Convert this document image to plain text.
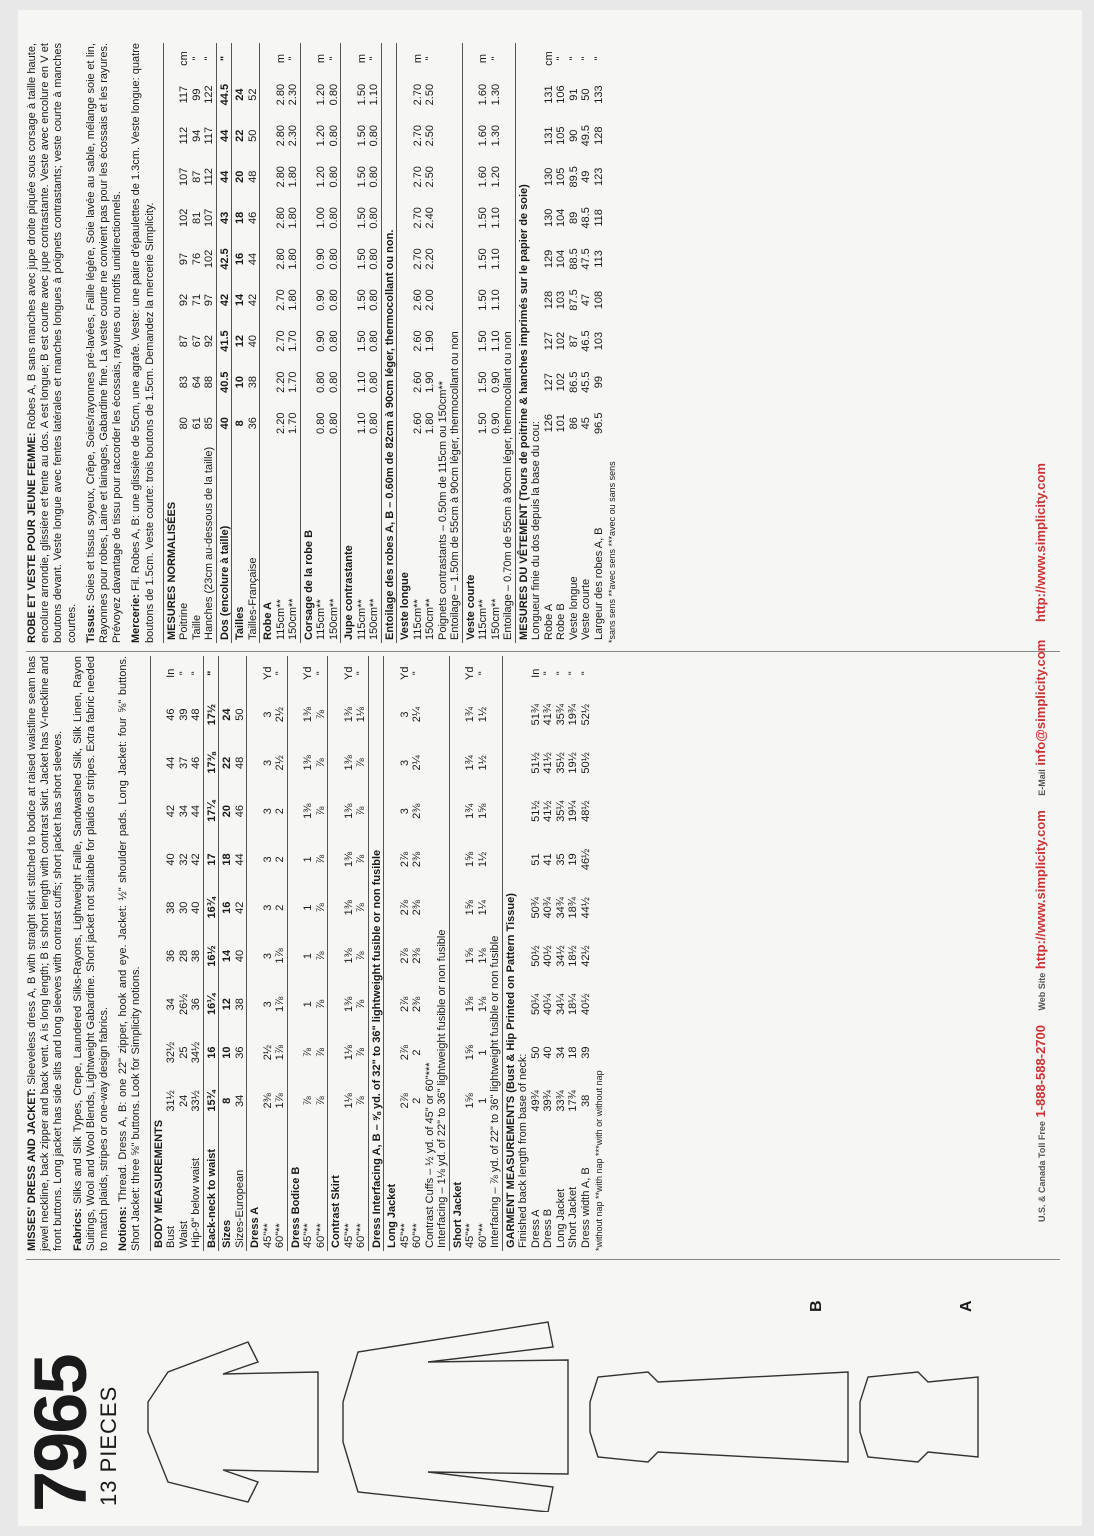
7965
13 PIECES
B	A

MISSES' DRESS AND JACKET: Sleeveless dress A, B with straight skirt stitched to bodice at raised waistline seam has jewel neckline, back zipper and back vent. A is long length; B is short length with contrast skirt. Jacket has V-neckline and front buttons. Long jacket has side slits and long sleeves with contrast cuffs; short jacket has short sleeves. Fabrics: Silks and Silk Types, Crepe, Laundered Silks-Rayons, Lightweight Faille, Sandwashed Silk, Silk Linen, Rayon Suitings, Wool and Wool Blends, Lightweight Gabardine. Short jacket not suitable for plaids or stripes. Extra fabric needed to match plaids, stripes or one-way design fabrics. Notions: Thread. Dress A, B: one 22" zipper, hook and eye. Jacket: ½" shoulder pads. Long Jacket: four ⅝" buttons. Short Jacket: three ⅝" buttons. Look for Simplicity notions. BODY MEASUREMENTS										
Bust	31½	32½	34	36	38	40	42	44	46	In
Waist	24	25	26½	28	30	32	34	37	39	"
Hip-9" below waist	33½	34½	36	38	40	42	44	46	48	"
Back-neck to waist	15¾	16	16¼	16½	16¾	17	17¼	17⅜	17½	"
Sizes	8	10	12	14	16	18	20	22	24	
Sizes-European	34	36	38	40	42	44	46	48	50	
Dress A										
45"**	2⅜	2½	3	3	3	3	3	3	3	Yd
60"**	1⅞	1⅞	1⅞	1⅞	2	2	2	2½	2½	"
Dress Bodice B										
45"**	⅞	⅞	1	1	1	1	1⅜	1⅜	1⅜	Yd
60"**	⅞	⅞	⅞	⅞	⅞	⅞	⅞	⅞	⅞	"
Contrast Skirt										
45"**	1⅛	1⅛	1⅜	1⅜	1⅜	1⅜	1⅜	1⅜	1⅜	Yd
60"**	⅞	⅞	⅞	⅞	⅞	⅞	⅞	⅞	1⅛	"
Dress Interfacing A, B – ⅝ yd. of 32" to 36" lightweight fusible or non fusible										
Long Jacket										
45"**	2⅞	2⅞	2⅞	2⅞	2⅞	2⅞	3	3	3	Yd
60"**	2	2	2⅜	2⅜	2⅜	2⅜	2⅜	2¼	2¼	"
Contrast Cuffs – ½ yd. of 45" or 60"***										
Interfacing – 1⅛ yd. of 22" to 36" lightweight fusible or non fusible										
Short Jacket										
45"**	1⅝	1⅝	1⅝	1⅝	1⅝	1⅝	1¾	1¾	1¾	Yd
60"**	1	1	1⅛	1⅛	1¼	1½	1⅝	1½	1½	"
Interfacing – ⅞ yd. of 22" to 36" lightweight fusible or non fusible										
GARMENT MEASUREMENTS (Bust & Hip Printed on Pattern Tissue)										
Finished back length from base of neck:										
Dress A	49¾	50	50¼	50½	50¾	51	51½	51½	51¾	In
Dress B	39¾	40	40¼	40½	40¾	41	41½	41½	41¾	"
Long Jacket	33¾	34	34¼	34½	34¾	35	35¼	35½	35¾	"
Short Jacket	17¾	18	18¼	18½	18¾	19	19¼	19½	19¾	"
Dress width A, B	38	39	40½	42½	44½	46½	48½	50½	52½	"
*without nap **with nap ***with or without nap

ROBE ET VESTE POUR JEUNE FEMME: Robes A, B sans manches avec jupe droite piquée sous corsage à taille haute, encolure arrondie, glissière et fente au dos. A est longue; B est courte avec jupe contrastante. Veste avec encolure en V et boutons devant. Veste longue avec fentes latérales et manches longues à poignets contrastants; veste courte à manches courtes. Tissus: Soies et tissus soyeux, Crêpe, Soies/rayonnes pré-lavées, Faille légère, Soie lavée au sable, mélange soie et lin, Rayonnes pour robes, Laine et lainages, Gabardine fine. La veste courte ne convient pas pour les écossais et les rayures. Prévoyez davantage de tissu pour raccorder les écossais, rayures ou motifs unidirectionnels. Mercerie: Fil. Robes A, B: une glissière de 55cm, une agrafe. Veste: une paire d'épaulettes de 1.3cm. Veste longue: quatre boutons de 1.5cm. Veste courte: trois boutons de 1.5cm. Demandez la mercerie Simplicity. MESURES NORMALISÉES										
Poitrine	80	83	87	92	97	102	107	112	117	cm
Taille	61	64	67	71	76	81	87	94	99	"
Hanches (23cm au-dessous de la taille)	85	88	92	97	102	107	112	117	122	"
Dos (encolure à taille)	40	40.5	41.5	42	42.5	43	44	44	44.5	"
Tailles	8	10	12	14	16	18	20	22	24	
Tailles-Française	36	38	40	42	44	46	48	50	52	
Robe A										
115cm**	2.20	2.20	2.70	2.70	2.80	2.80	2.80	2.80	2.80	m
150cm**	1.70	1.70	1.70	1.80	1.80	1.80	1.80	2.30	2.30	"
Corsage de la robe B										
115cm**	0.80	0.80	0.90	0.90	0.90	1.00	1.20	1.20	1.20	m
150cm**	0.80	0.80	0.80	0.80	0.80	0.80	0.80	0.80	0.80	"
Jupe contrastante										
115cm**	1.10	1.10	1.50	1.50	1.50	1.50	1.50	1.50	1.50	m
150cm**	0.80	0.80	0.80	0.80	0.80	0.80	0.80	0.80	1.10	"
Entoilage des robes A, B – 0.60m de 82cm à 90cm léger, thermocollant ou non.										
Veste longue										
115cm**	2.60	2.60	2.60	2.60	2.70	2.70	2.70	2.70	2.70	m
150cm**	1.80	1.90	1.90	2.00	2.20	2.40	2.50	2.50	2.50	"
Poignets contrastants – 0.50m de 115cm ou 150cm**										
Entoilage – 1.50m de 55cm à 90cm léger, thermocollant ou non										
Veste courte										
115cm**	1.50	1.50	1.50	1.50	1.50	1.50	1.60	1.60	1.60	m
150cm**	0.90	0.90	1.10	1.10	1.10	1.10	1.20	1.30	1.30	"
Entoilage – 0.70m de 55cm à 90cm léger, thermocollant ou non										
MESURES DU VÊTEMENT (Tours de poitrine & hanches imprimés sur le papier de soie)										
Longueur finie du dos depuis la base du cou:										
Robe A	126	127	127	128	129	130	130	131	131	cm
Robe B	101	102	102	103	104	104	105	105	106	"
Veste longue	86	86.5	87	87.5	88.5	89	89.5	90	91	"
Veste courte	45	45.5	46.5	47	47.5	48.5	49	49.5	50	"
Largeur des robes A, B	96.5	99	103	108	113	118	123	128	133	"
*sans sens **avec sens ***avec ou sans sens
U.S. & Canada Toll Free 1-888-588-2700    Web Site http://www.simplicity.com    E-Mail info@simplicity.com
http://www.simplicity.com
